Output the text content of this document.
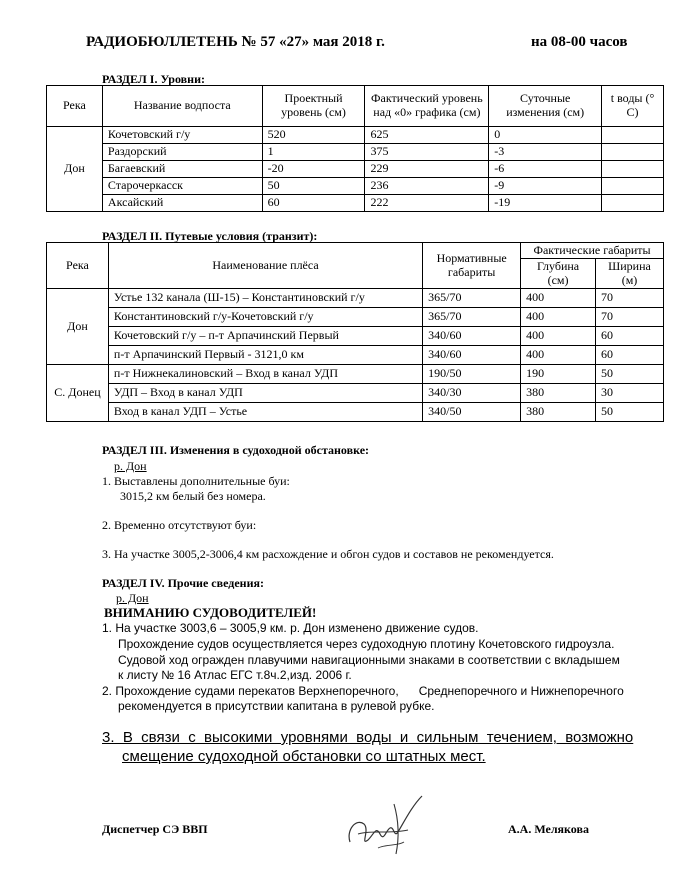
РАДИОБЮЛЛЕТЕНЬ № 57 «27» мая 2018 г.	на 08-00 часов
РАЗДЕЛ I. Уровни:
Река	Название водпоста	Проектный уровень (см)	Фактический уровень над «0» графика (см)	Суточные изменения (см)	t воды (° С)
Дон	Кочетовский г/у	520	625	0	
	Раздорский	1	375	-3	
	Багаевский	-20	229	-6	
	Старочеркасск	50	236	-9	
	Аксайский	60	222	-19	
РАЗДЕЛ II. Путевые условия (транзит):
Река	Наименование плёса	Нормативные габариты	Фактические габариты	
			Глубина (см)	Ширина (м)
Дон	Устье 132 канала (Ш-15) – Константиновский г/у	365/70	400	70
	Константиновский г/у-Кочетовский г/у	365/70	400	70
	Кочетовский г/у – п-т Арпачинский Первый	340/60	400	60
	п-т Арпачинский Первый - 3121,0 км	340/60	400	60
С. Донец	п-т Нижнекалиновский – Вход в канал УДП	190/50	190	50
	УДП – Вход в канал УДП	340/30	380	30
	Вход в канал УДП – Устье	340/50	380	50
РАЗДЕЛ III. Изменения в судоходной обстановке:
р. Дон
1. Выставлены дополнительные буи:
3015,2 км белый без номера.
2. Временно отсутствуют буи:
3. На участке 3005,2-3006,4 км расхождение и обгон судов и составов не рекомендуется.
РАЗДЕЛ IV. Прочие сведения:
р. Дон
ВНИМАНИЮ СУДОВОДИТЕЛЕЙ!
1. На участке 3003,6 – 3005,9 км. р. Дон изменено движение судов.
Прохождение судов осуществляется через судоходную плотину Кочетовского гидроузла.
Судовой ход огражден плавучими навигационными знаками в соответствии с вкладышем
к листу № 16 Атлас ЕГС т.8ч.2,изд. 2006 г.
2. Прохождение судами перекатов Верхнепоречного,      Среднепоречного и Нижнепоречного
рекомендуется в присутствии капитана в рулевой рубке.
3.  В  связи  с  высокими  уровнями  воды  и  сильным  течением,  возможно
смещение судоходной обстановки со штатных мест.
Диспетчер СЭ ВВП	А.А. Мелякова
